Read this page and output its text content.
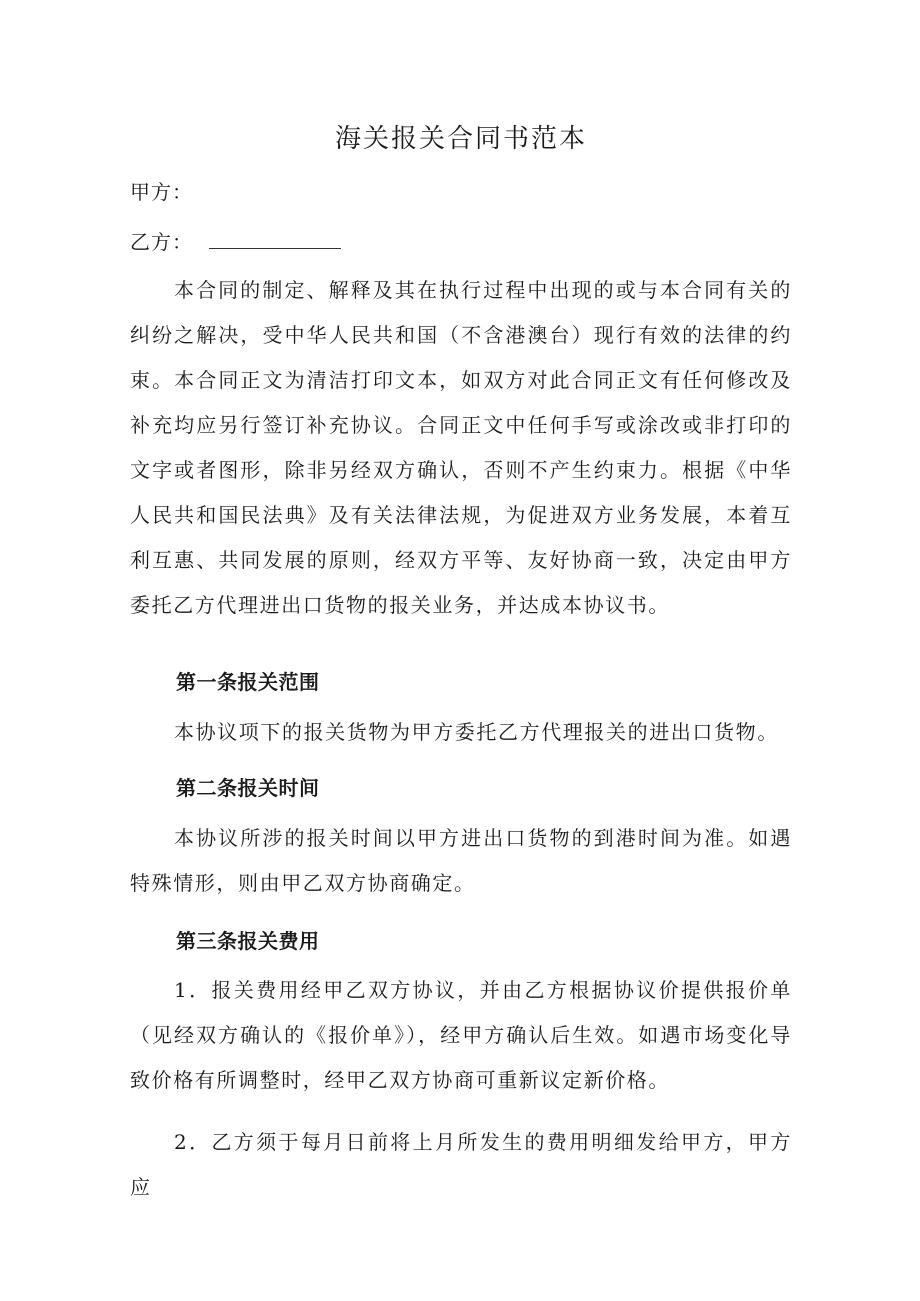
海关报关合同书范本

甲方：

乙方：

本合同的制定、解释及其在执行过程中出现的或与本合同有关的纠纷之解决，受中华人民共和国（不含港澳台）现行有效的法律的约束。本合同正文为清洁打印文本，如双方对此合同正文有任何修改及补充均应另行签订补充协议。合同正文中任何手写或涂改或非打印的文字或者图形，除非另经双方确认，否则不产生约束力。根据《中华人民共和国民法典》及有关法律法规，为促进双方业务发展，本着互利互惠、共同发展的原则，经双方平等、友好协商一致，决定由甲方委托乙方代理进出口货物的报关业务，并达成本协议书。

第一条报关范围

本协议项下的报关货物为甲方委托乙方代理报关的进出口货物。

第二条报关时间

本协议所涉的报关时间以甲方进出口货物的到港时间为准。如遇特殊情形，则由甲乙双方协商确定。

第三条报关费用

1．报关费用经甲乙双方协议，并由乙方根据协议价提供报价单（见经双方确认的《报价单》），经甲方确认后生效。如遇市场变化导致价格有所调整时，经甲乙双方协商可重新议定新价格。

2．乙方须于每月日前将上月所发生的费用明细发给甲方，甲方应
